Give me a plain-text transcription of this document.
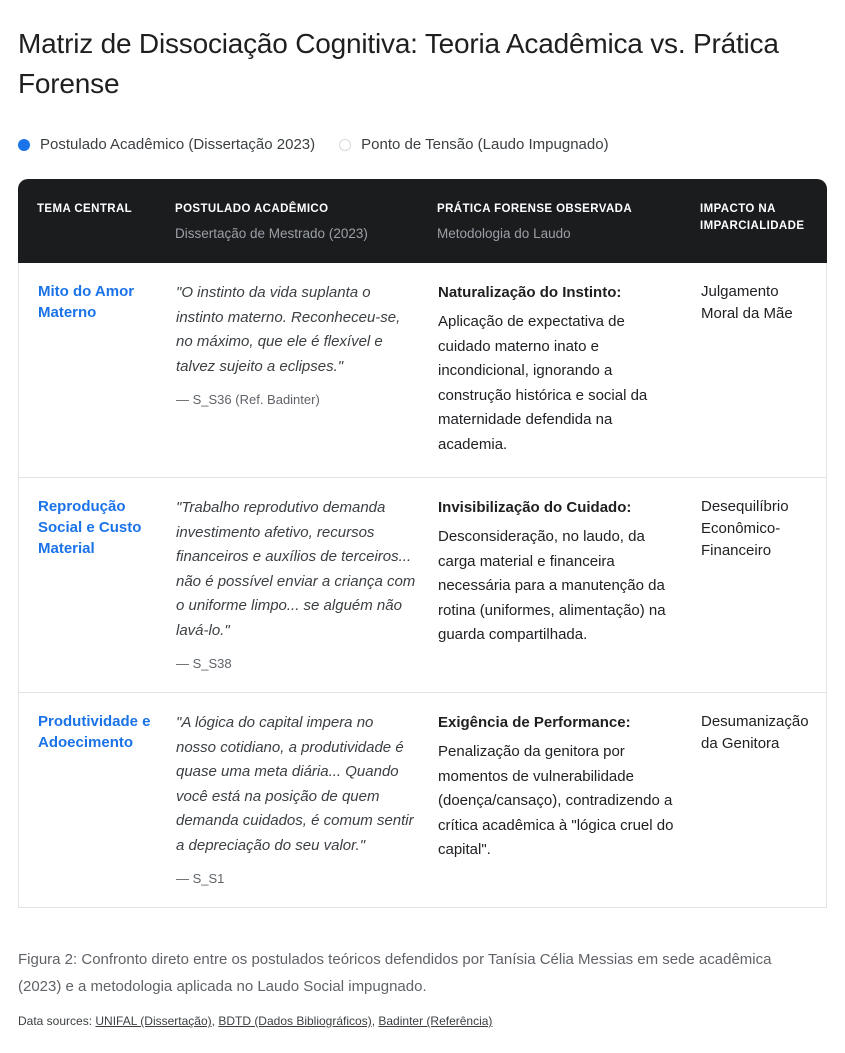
Matriz de Dissociação Cognitiva: Teoria Acadêmica vs. Prática Forense
Postulado Acadêmico (Dissertação 2023)	Ponto de Tensão (Laudo Impugnado)
TEMA CENTRAL	POSTULADO ACADÊMICO
Dissertação de Mestrado (2023)
PRÁTICA FORENSE OBSERVADA
Metodologia do Laudo
IMPACTO NA IMPARCIALIDADE
Mito do Amor Materno
"O instinto da vida suplanta o instinto materno. Reconheceu-se, no máximo, que ele é flexível e talvez sujeito a eclipses."
— S_S36 (Ref. Badinter)
Naturalização do Instinto:
Aplicação de expectativa de cuidado materno inato e incondicional, ignorando a construção histórica e social da maternidade defendida na academia.
Julgamento Moral da Mãe
Reprodução Social e Custo Material
"Trabalho reprodutivo demanda investimento afetivo, recursos financeiros e auxílios de terceiros... não é possível enviar a criança com o uniforme limpo... se alguém não lavá-lo."
— S_S38
Invisibilização do Cuidado:
Desconsideração, no laudo, da carga material e financeira necessária para a manutenção da rotina (uniformes, alimentação) na guarda compartilhada.
Desequilíbrio Econômico-Financeiro
Produtividade e Adoecimento
"A lógica do capital impera no nosso cotidiano, a produtividade é quase uma meta diária... Quando você está na posição de quem demanda cuidados, é comum sentir a depreciação do seu valor."
— S_S1
Exigência de Performance:
Penalização da genitora por momentos de vulnerabilidade (doença/cansaço), contradizendo a crítica acadêmica à "lógica cruel do capital".
Desumanização da Genitora

Figura 2: Confronto direto entre os postulados teóricos defendidos por Tanísia Célia Messias em sede acadêmica (2023) e a metodologia aplicada no Laudo Social impugnado.

Data sources: UNIFAL (Dissertação), BDTD (Dados Bibliográficos), Badinter (Referência)
